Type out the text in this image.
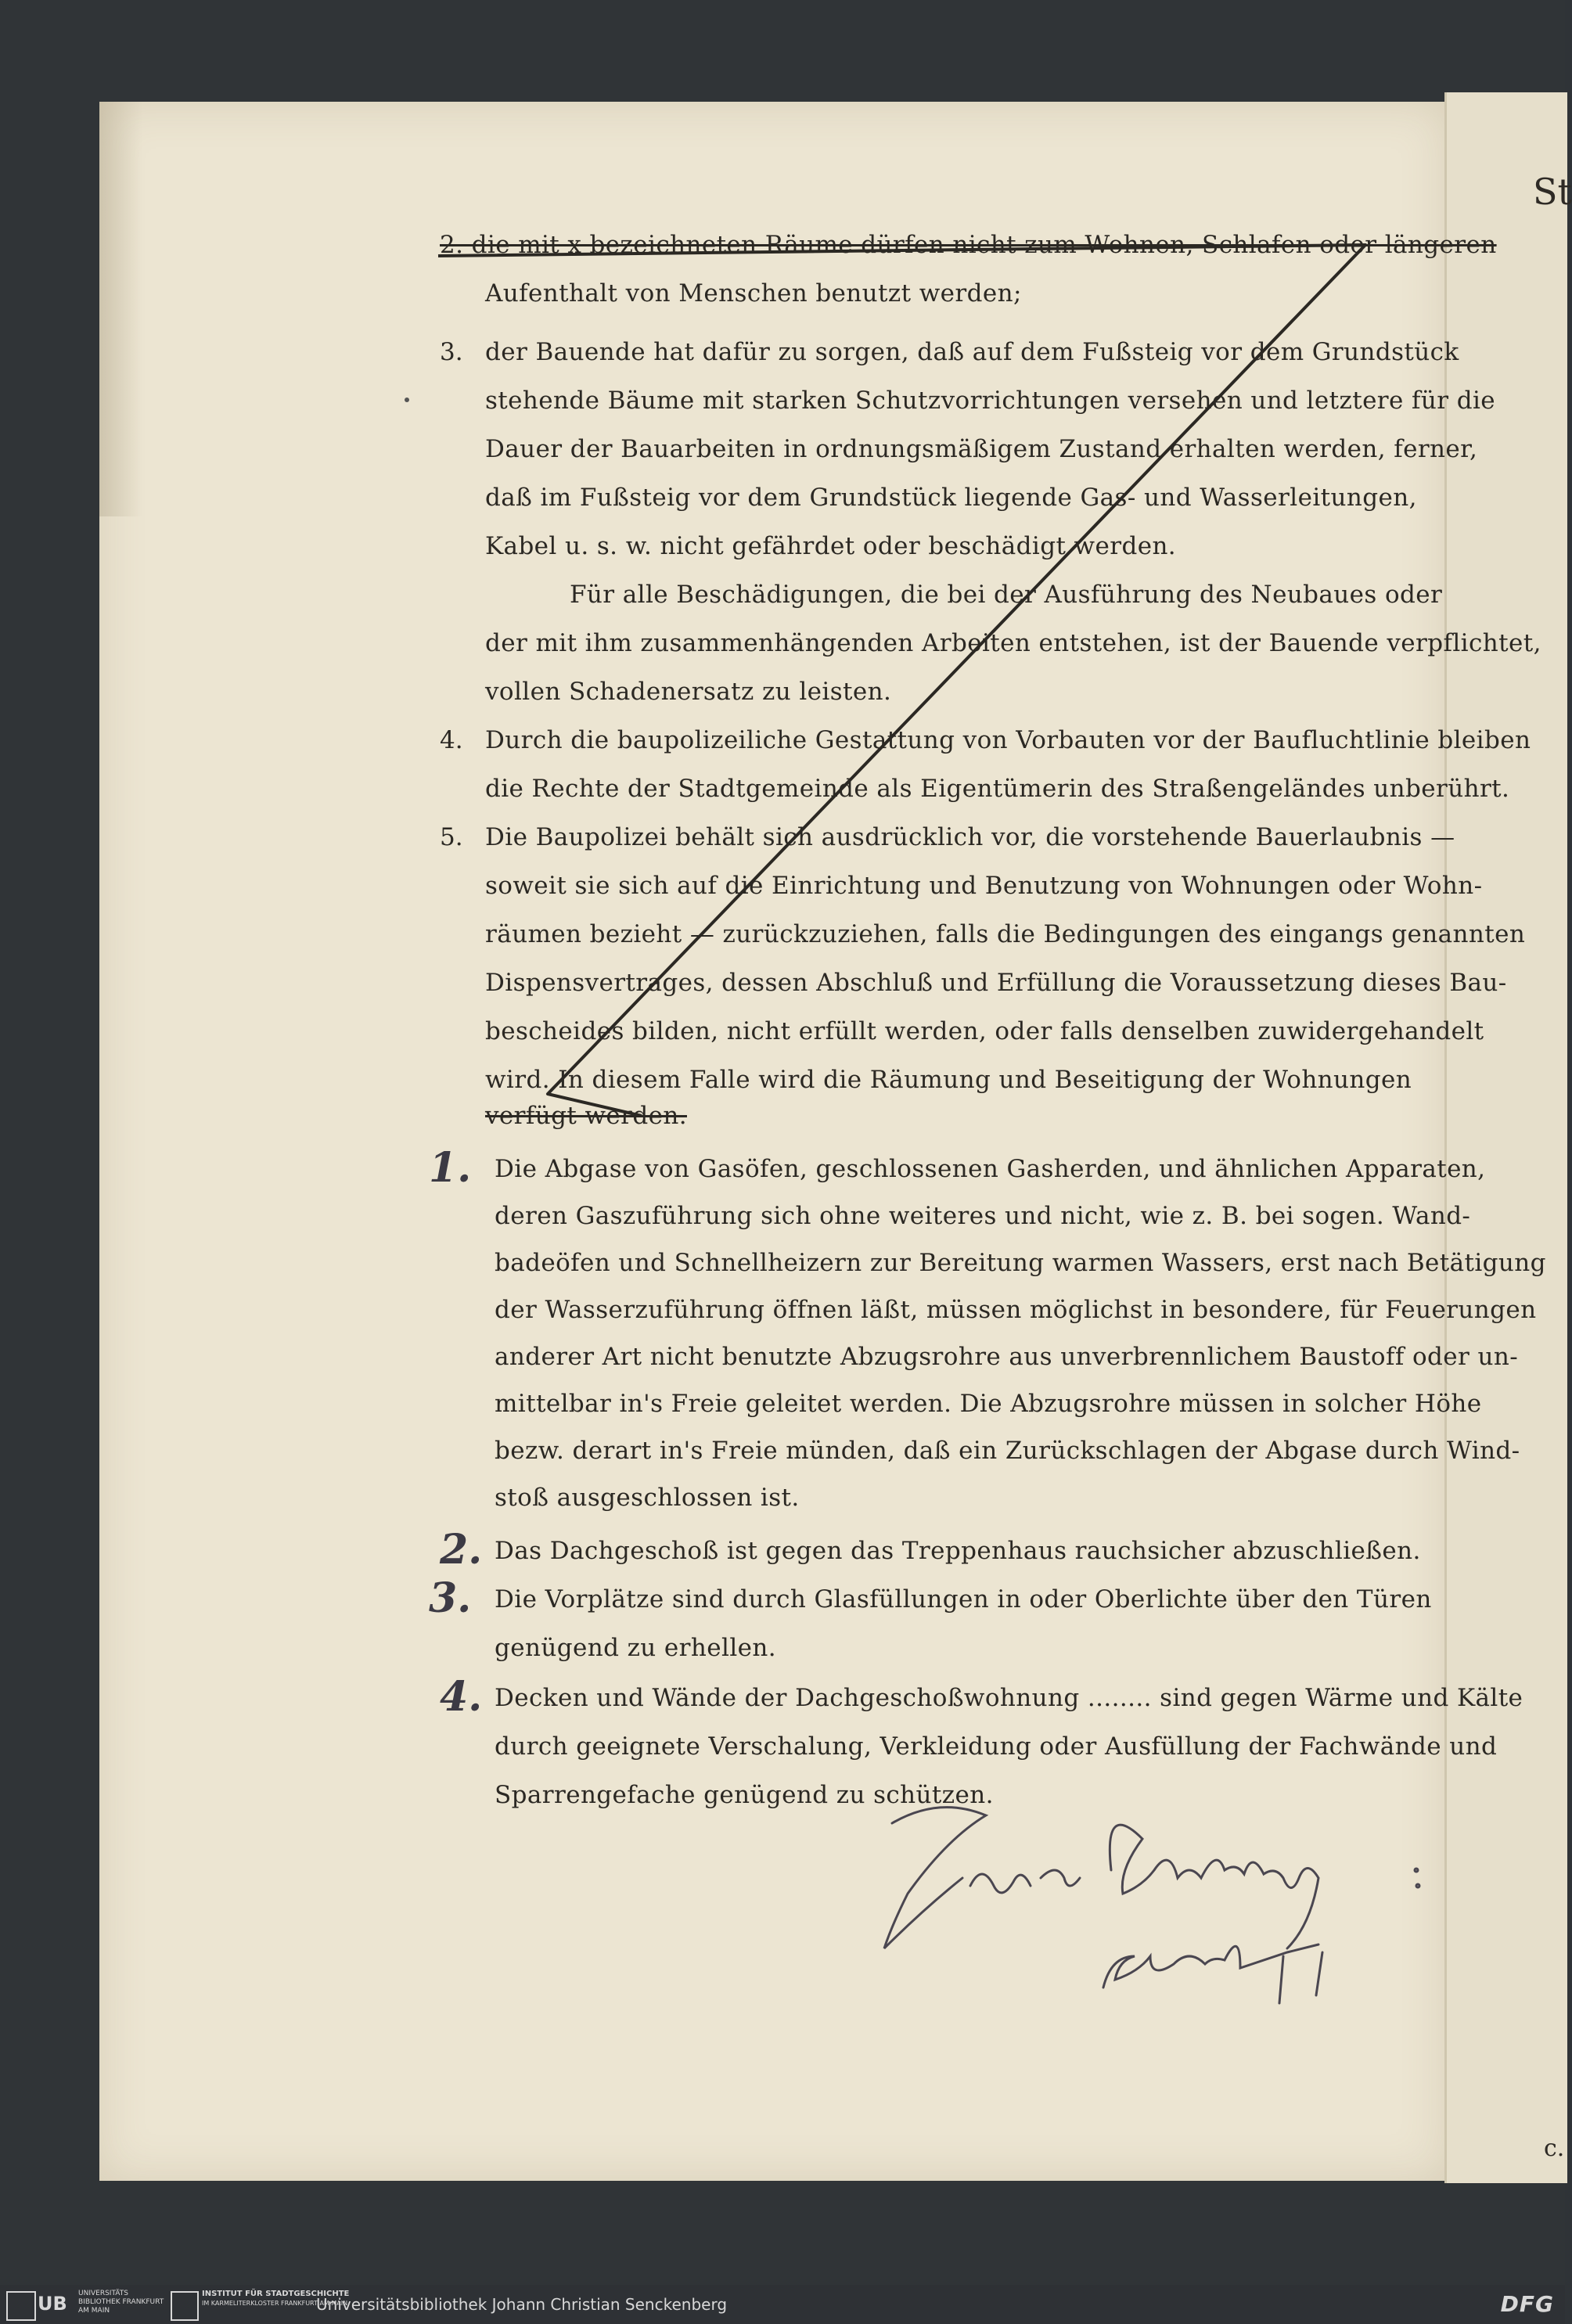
St
c.
2. die mit x bezeichneten Räume dürfen nicht zum Wohnen, Schlafen oder längeren
Aufenthalt von Menschen benutzt werden;
3. der Bauende hat dafür zu sorgen, daß auf dem Fußsteig vor dem Grundstück
stehende Bäume mit starken Schutzvorrichtungen versehen und letztere für die
Dauer der Bauarbeiten in ordnungsmäßigem Zustand erhalten werden, ferner,
daß im Fußsteig vor dem Grundstück liegende Gas- und Wasserleitungen,
Kabel u. s. w. nicht gefährdet oder beschädigt werden.
Für alle Beschädigungen, die bei der Ausführung des Neubaues oder
der mit ihm zusammenhängenden Arbeiten entstehen, ist der Bauende verpflichtet,
vollen Schadenersatz zu leisten.
4. Durch die baupolizeiliche Gestattung von Vorbauten vor der Baufluchtlinie bleiben
die Rechte der Stadtgemeinde als Eigentümerin des Straßengeländes unberührt.
5. Die Baupolizei behält sich ausdrücklich vor, die vorstehende Bauerlaubnis —
soweit sie sich auf die Einrichtung und Benutzung von Wohnungen oder Wohn-
räumen bezieht — zurückzuziehen, falls die Bedingungen des eingangs genannten
Dispensvertrages, dessen Abschluß und Erfüllung die Voraussetzung dieses Bau-
bescheides bilden, nicht erfüllt werden, oder falls denselben zuwidergehandelt
wird. In diesem Falle wird die Räumung und Beseitigung der Wohnungen
verfügt werden.
1. Die Abgase von Gasöfen, geschlossenen Gasherden, und ähnlichen Apparaten,
deren Gaszuführung sich ohne weiteres und nicht, wie z. B. bei sogen. Wand-
badeöfen und Schnellheizern zur Bereitung warmen Wassers, erst nach Betätigung
der Wasserzuführung öffnen läßt, müssen möglichst in besondere, für Feuerungen
anderer Art nicht benutzte Abzugsrohre aus unverbrennlichem Baustoff oder un-
mittelbar in's Freie geleitet werden. Die Abzugsrohre müssen in solcher Höhe
bezw. derart in's Freie münden, daß ein Zurückschlagen der Abgase durch Wind-
stoß ausgeschlossen ist.
2. Das Dachgeschoß ist gegen das Treppenhaus rauchsicher abzuschließen.
3. Die Vorplätze sind durch Glasfüllungen in oder Oberlichte über den Türen
genügend zu erhellen.
4. Decken und Wände der Dachgeschoßwohnung ........ sind gegen Wärme und Kälte
durch geeignete Verschalung, Verkleidung oder Ausfüllung der Fachwände und
Sparrengefache genügend zu schützen.
UB UNIVERSITÄTS BIBLIOTHEK FRANKFURT AM MAIN
INSTITUT FÜR STADTGESCHICHTE
IM KARMELITERKLOSTER FRANKFURT AM MAIN
Universitätsbibliothek Johann Christian Senckenberg	DFG
